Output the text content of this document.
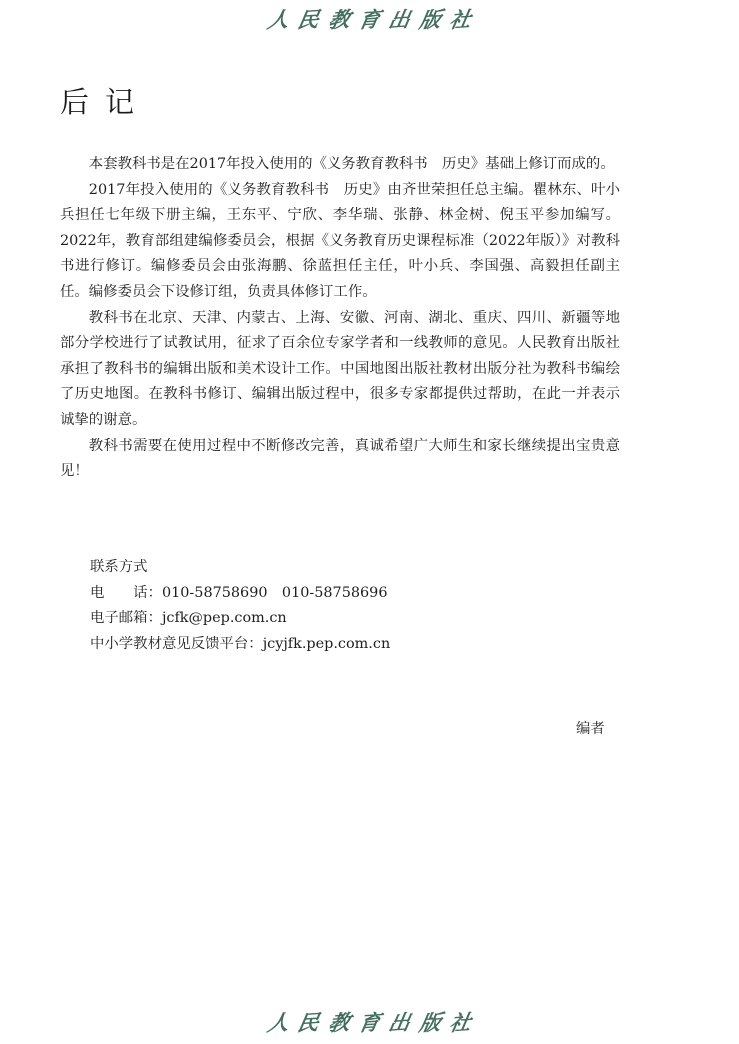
人 民 教 育 出 版 社
后记

本套教科书是在2017年投入使用的《义务教育教科书　历史》基础上修订而成的。

2017年投入使用的《义务教育教科书　历史》由齐世荣担任总主编。瞿林东、叶小兵担任七年级下册主编，王东平、宁欣、李华瑞、张静、林金树、倪玉平参加编写。2022年，教育部组建编修委员会，根据《义务教育历史课程标准（2022年版）》对教科书进行修订。编修委员会由张海鹏、徐蓝担任主任，叶小兵、李国强、高毅担任副主任。编修委员会下设修订组，负责具体修订工作。

教科书在北京、天津、内蒙古、上海、安徽、河南、湖北、重庆、四川、新疆等地部分学校进行了试教试用，征求了百余位专家学者和一线教师的意见。人民教育出版社承担了教科书的编辑出版和美术设计工作。中国地图出版社教材出版分社为教科书编绘了历史地图。在教科书修订、编辑出版过程中，很多专家都提供过帮助，在此一并表示诚挚的谢意。

教科书需要在使用过程中不断修改完善，真诚希望广大师生和家长继续提出宝贵意见！

联系方式
电　　话：010-58758690　010-58758696
电子邮箱：jcfk@pep.com.cn
中小学教材意见反馈平台：jcyjfk.pep.com.cn
编者
人 民 教 育 出 版 社
